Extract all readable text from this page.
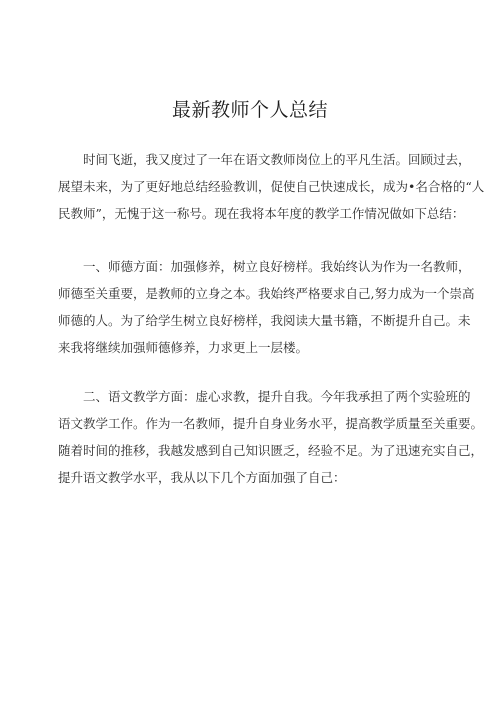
最新教师个人总结
时间飞逝，我又度过了一年在语文教师岗位上的平凡生活。回顾过去，
展望未来，为了更好地总结经验教训，促使自己快速成长，成为•名合格的“人
民教师”，无愧于这一称号。现在我将本年度的教学工作情况做如下总结：
一、师德方面：加强修养，树立良好榜样。我始终认为作为一名教师，
师德至关重要，是教师的立身之本。我始终严格要求自己,努力成为一个崇高
师德的人。为了给学生树立良好榜样，我阅读大量书籍，不断提升自己。未
来我将继续加强师德修养，力求更上一层楼。
二、语文教学方面：虚心求教，提升自我。今年我承担了两个实验班的
语文教学工作。作为一名教师，提升自身业务水平，提高教学质量至关重要。
随着时间的推移，我越发感到自己知识匮乏，经验不足。为了迅速充实自己，
提升语文教学水平，我从以下几个方面加强了自己：
